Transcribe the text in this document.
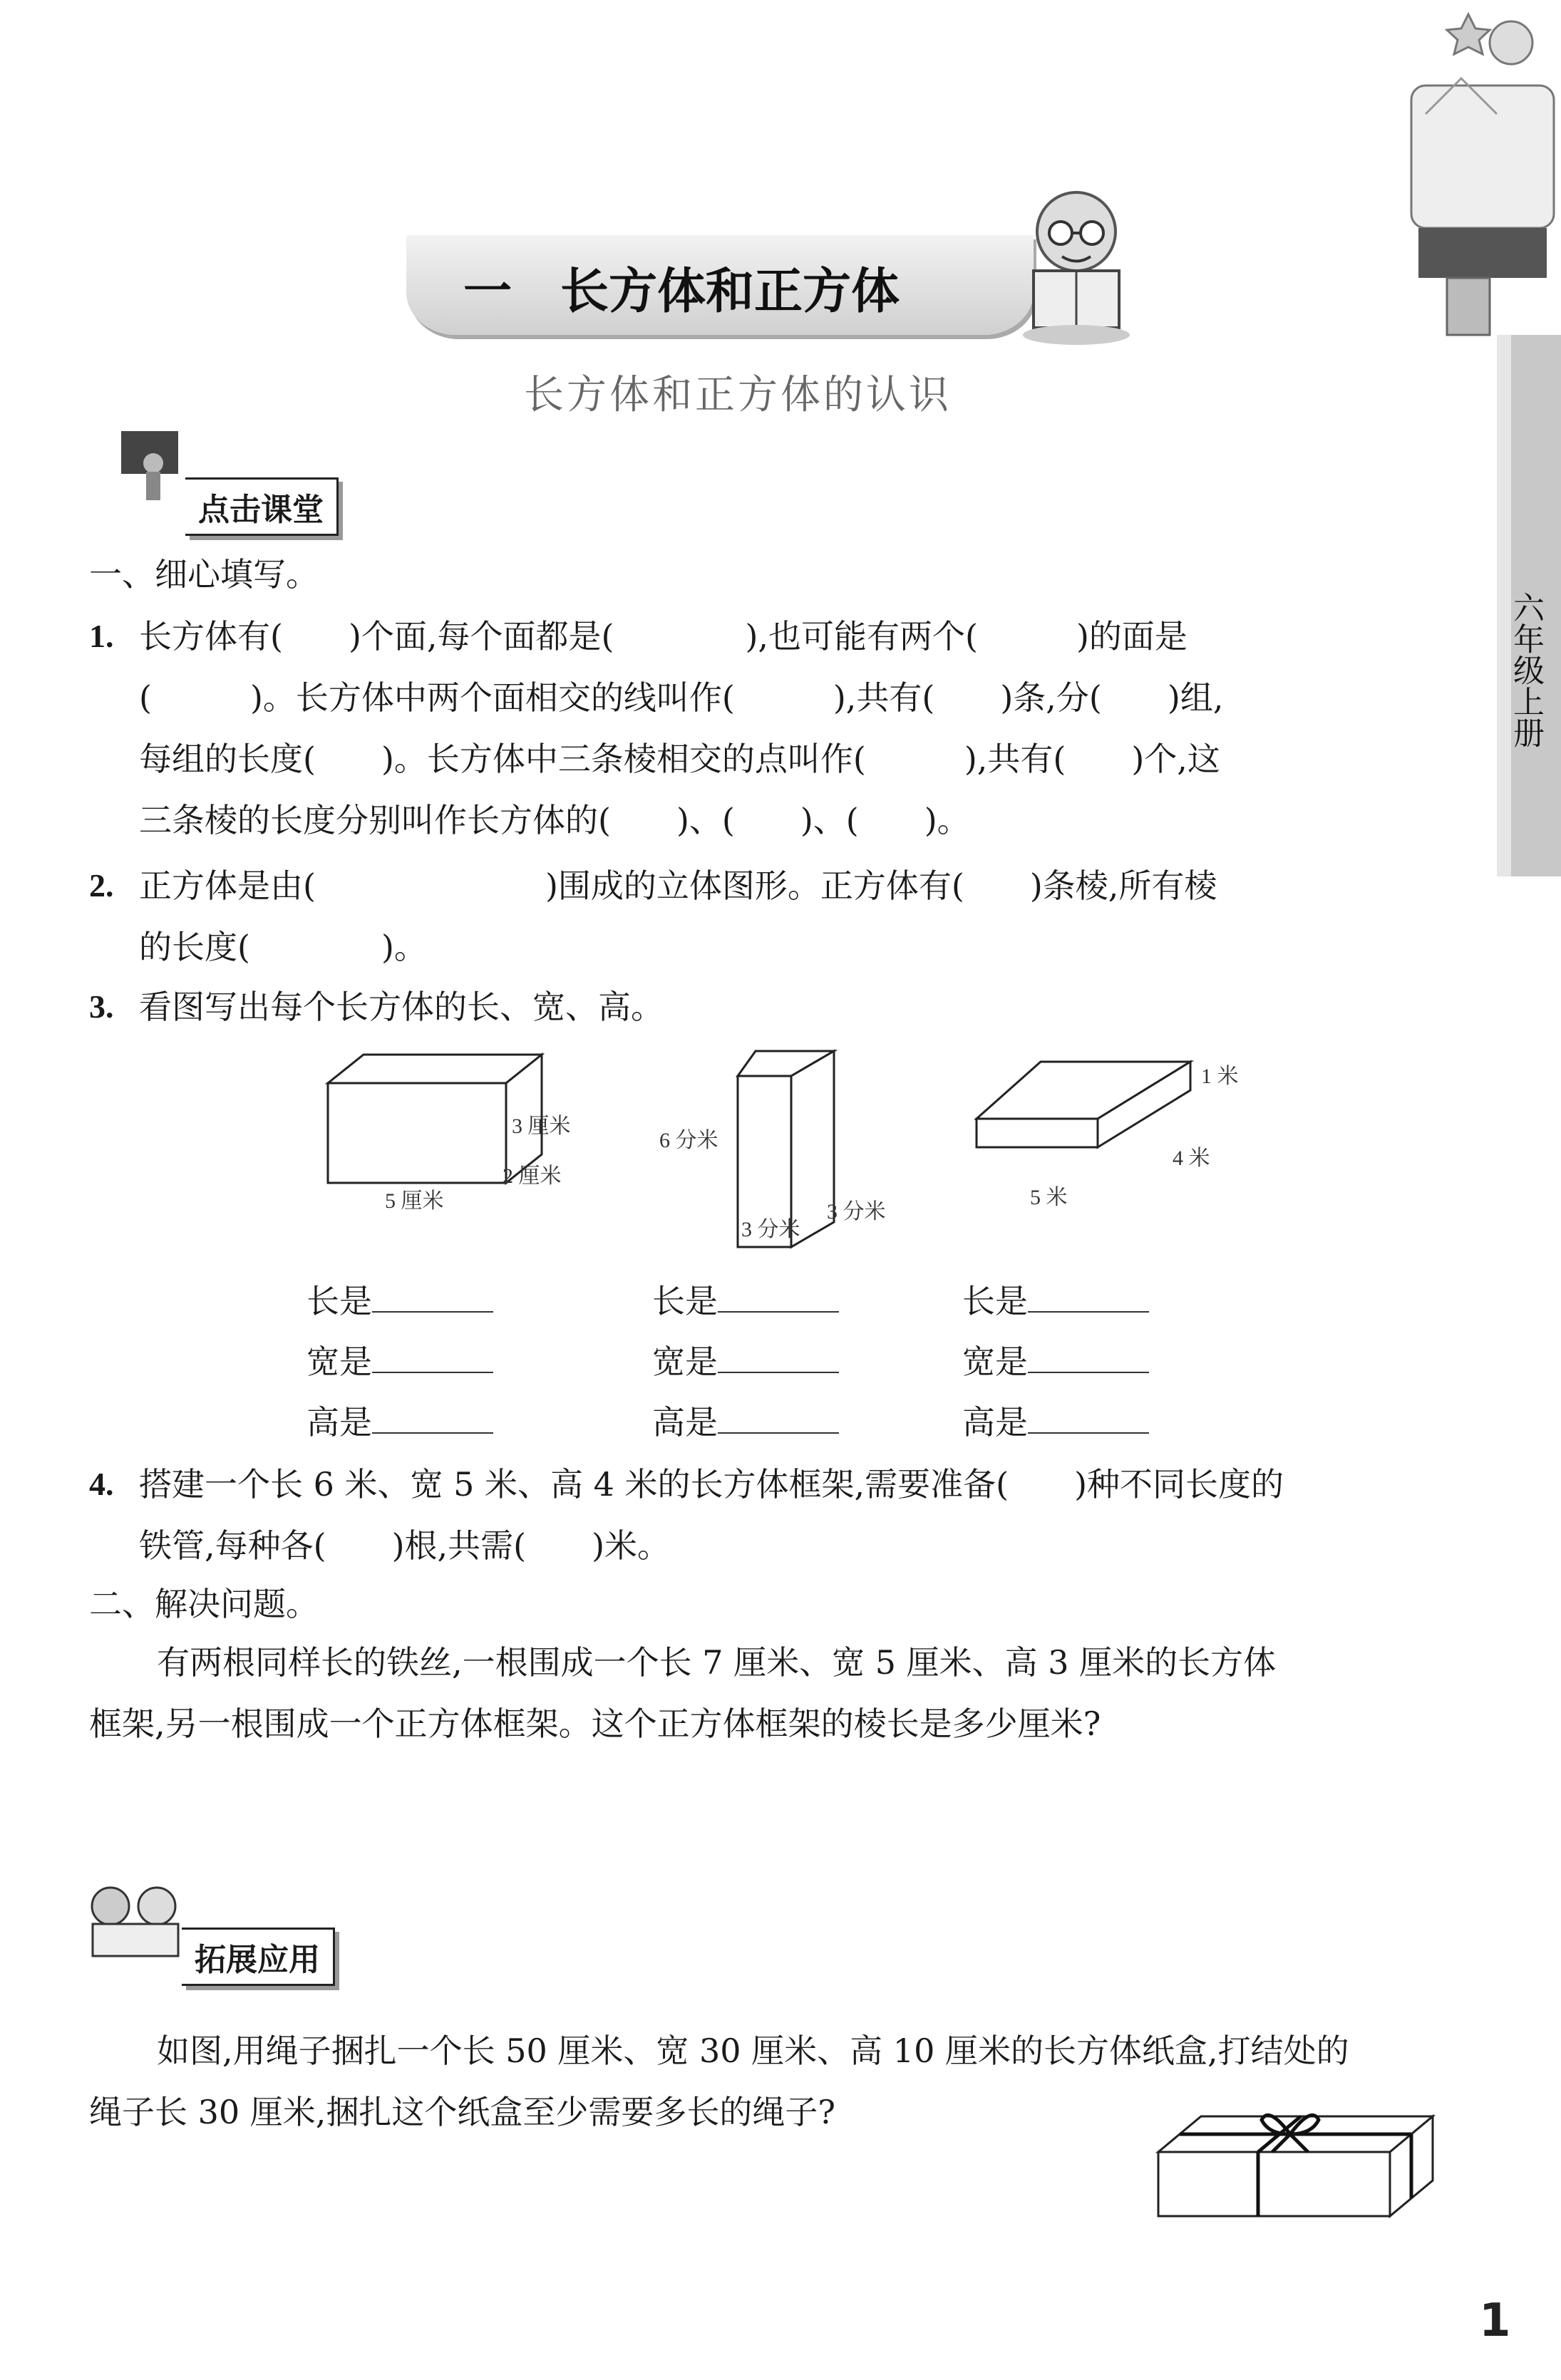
六年级上册
一　长方体和正方体
长方体和正方体的认识
点击课堂
一、细心填写。
1. 长方体有(　　)个面,每个面都是(　　　　),也可能有两个(　　　)的面是
(　　　)。长方体中两个面相交的线叫作(　　　),共有(　　)条,分(　　)组,
每组的长度(　　)。长方体中三条棱相交的点叫作(　　　),共有(　　)个,这
三条棱的长度分别叫作长方体的(　　)、(　　)、(　　)。
2. 正方体是由(　　　　　　　)围成的立体图形。正方体有(　　)条棱,所有棱
的长度(　　　　)。
3. 看图写出每个长方体的长、宽、高。
3 厘米
2 厘米
5 厘米
6 分米
3 分米
3 分米
1 米
4 米
5 米
长是
宽是
高是
长是
宽是
高是
长是
宽是
高是
4. 搭建一个长 6 米、宽 5 米、高 4 米的长方体框架,需要准备(　　)种不同长度的
铁管,每种各(　　)根,共需(　　)米。
二、解决问题。
有两根同样长的铁丝,一根围成一个长 7 厘米、宽 5 厘米、高 3 厘米的长方体
框架,另一根围成一个正方体框架。这个正方体框架的棱长是多少厘米?
拓展应用
如图,用绳子捆扎一个长 50 厘米、宽 30 厘米、高 10 厘米的长方体纸盒,打结处的
绳子长 30 厘米,捆扎这个纸盒至少需要多长的绳子?
1
